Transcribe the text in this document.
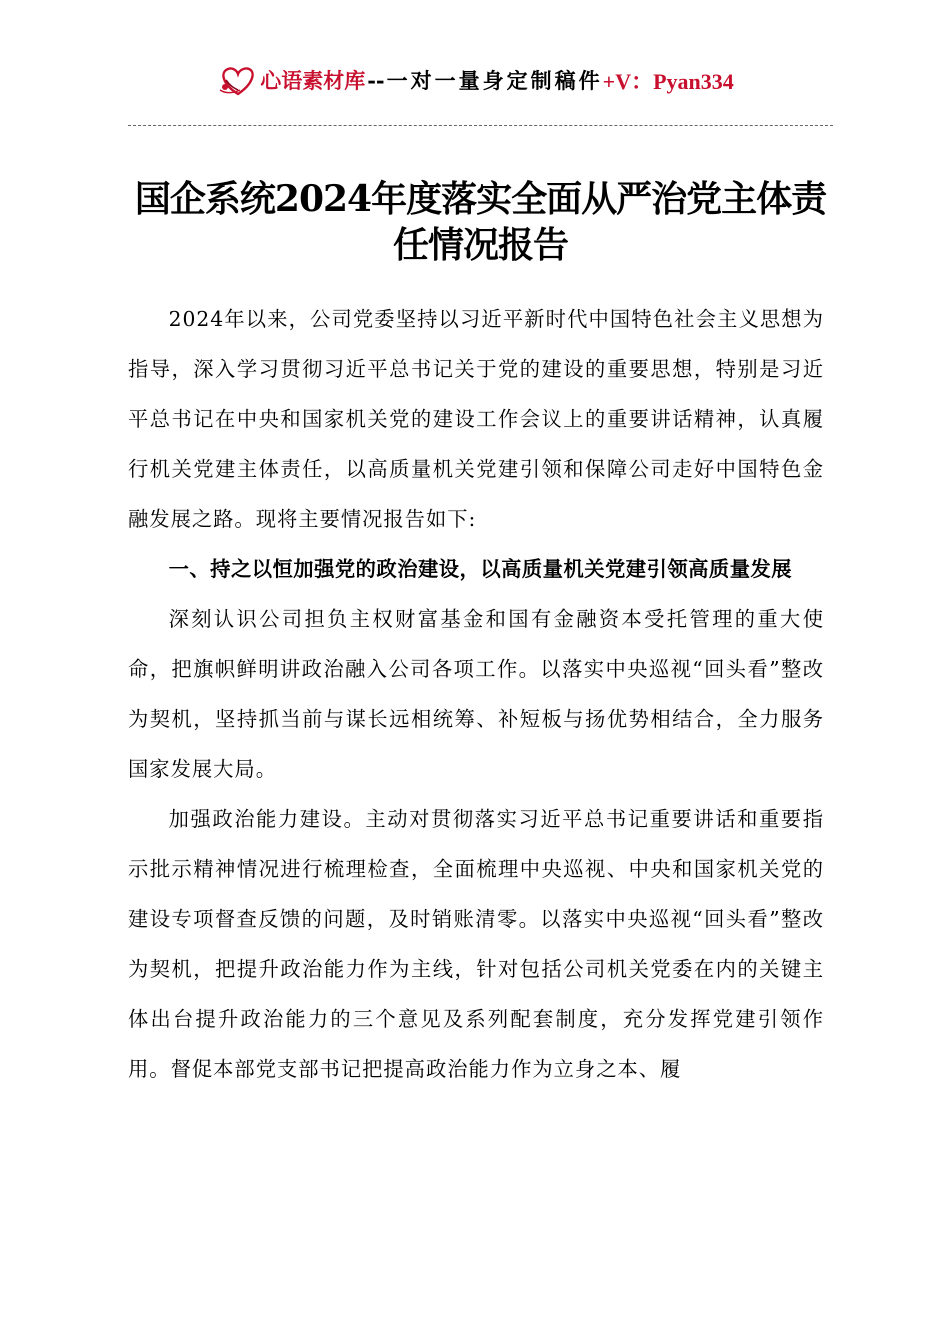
心语素材库 -- 一对一量身定制稿件 +V：Pyan334
国企系统2024年度落实全面从严治党主体责任情况报告

2024年以来，公司党委坚持以习近平新时代中国特色社会主义思想为指导，深入学习贯彻习近平总书记关于党的建设的重要思想，特别是习近平总书记在中央和国家机关党的建设工作会议上的重要讲话精神，认真履行机关党建主体责任，以高质量机关党建引领和保障公司走好中国特色金融发展之路。现将主要情况报告如下:

一、持之以恒加强党的政治建设，以高质量机关党建引领高质量发展

深刻认识公司担负主权财富基金和国有金融资本受托管理的重大使命，把旗帜鲜明讲政治融入公司各项工作。以落实中央巡视“回头看”整改为契机，坚持抓当前与谋长远相统筹、补短板与扬优势相结合，全力服务国家发展大局。

加强政治能力建设。主动对贯彻落实习近平总书记重要讲话和重要指示批示精神情况进行梳理检查，全面梳理中央巡视、中央和国家机关党的建设专项督查反馈的问题，及时销账清零。以落实中央巡视“回头看”整改为契机，把提升政治能力作为主线，针对包括公司机关党委在内的关键主体出台提升政治能力的三个意见及系列配套制度，充分发挥党建引领作用。督促本部党支部书记把提高政治能力作为立身之本、履
